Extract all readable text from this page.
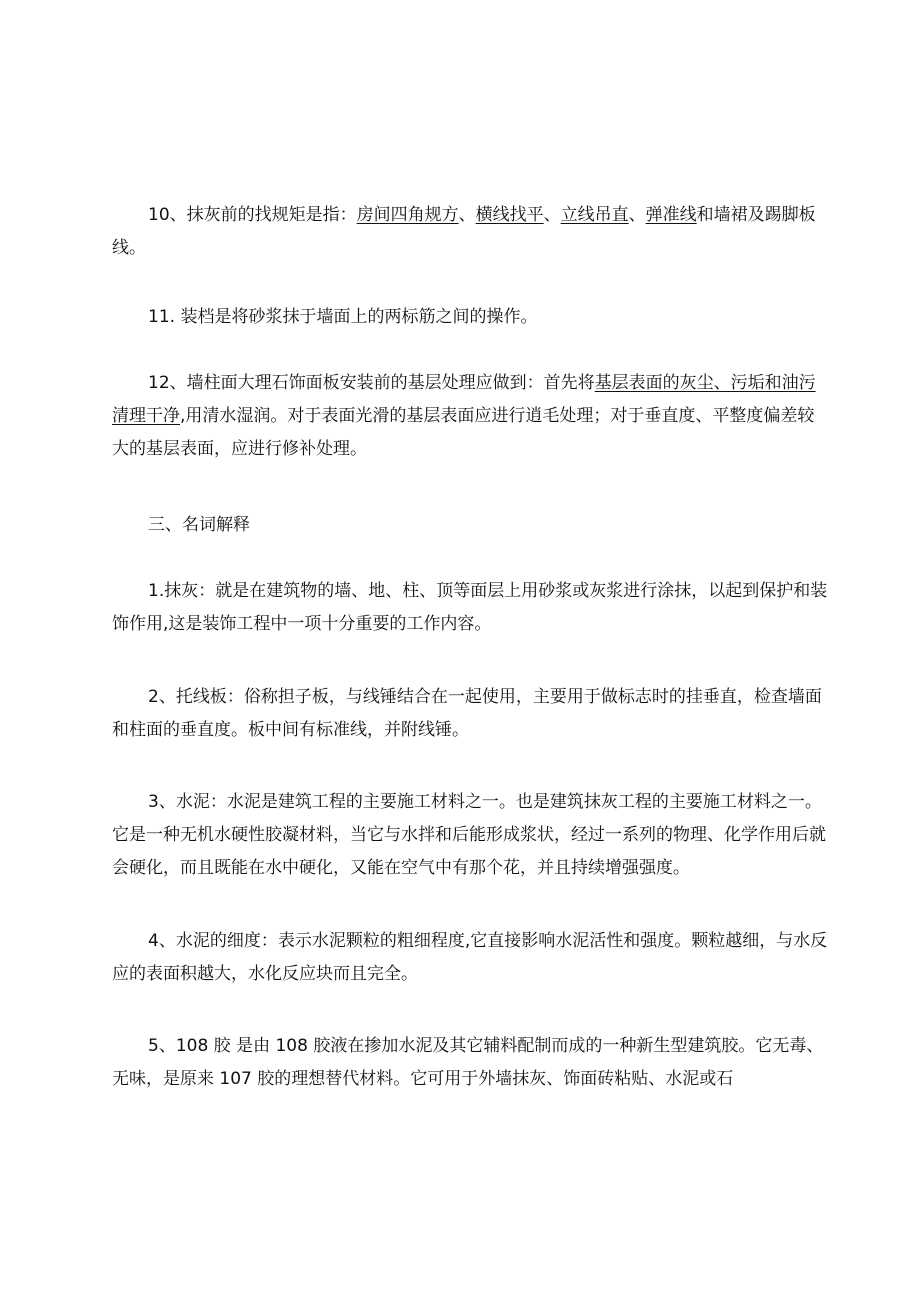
10、抹灰前的找规矩是指：房间四角规方、横线找平、立线吊直、弹准线和墙裙及踢脚板线。

11. 装档是将砂浆抹于墙面上的两标筋之间的操作。

12、墙柱面大理石饰面板安装前的基层处理应做到：首先将基层表面的灰尘、污垢和油污清理干净,用清水湿润。对于表面光滑的基层表面应进行逍毛处理；对于垂直度、平整度偏差较大的基层表面，应进行修补处理。

三、名词解释

1.抹灰：就是在建筑物的墙、地、柱、顶等面层上用砂浆或灰浆进行涂抹，以起到保护和装饰作用,这是装饰工程中一项十分重要的工作内容。

2、托线板：俗称担子板，与线锤结合在一起使用，主要用于做标志时的挂垂直，检查墙面和柱面的垂直度。板中间有标准线，并附线锤。

3、水泥：水泥是建筑工程的主要施工材料之一。也是建筑抹灰工程的主要施工材料之一。它是一种无机水硬性胶凝材料，当它与水拌和后能形成浆状，经过一系列的物理、化学作用后就会硬化，而且既能在水中硬化，又能在空气中有那个花，并且持续增强强度。

4、水泥的细度：表示水泥颗粒的粗细程度,它直接影响水泥活性和强度。颗粒越细，与水反应的表面积越大，水化反应块而且完全。

5、108 胶 是由 108 胶液在掺加水泥及其它辅料配制而成的一种新生型建筑胶。它无毒、无味，是原来 107 胶的理想替代材料。它可用于外墙抹灰、饰面砖粘贴、水泥或石
